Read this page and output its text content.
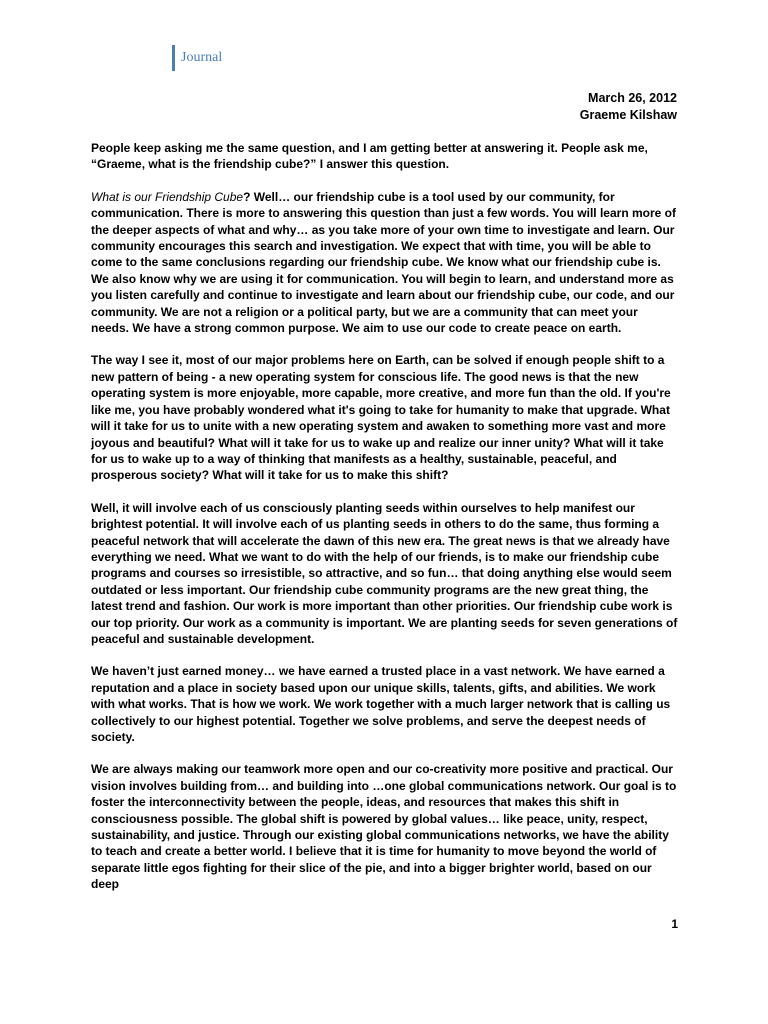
Journal
March 26, 2012
Graeme Kilshaw

People keep asking me the same question, and I am getting better at answering it. People ask me, “Graeme, what is the friendship cube?” I answer this question.

What is our Friendship Cube? Well… our friendship cube is a tool used by our community, for communication. There is more to answering this question than just a few words. You will learn more of the deeper aspects of what and why… as you take more of your own time to investigate and learn. Our community encourages this search and investigation. We expect that with time, you will be able to come to the same conclusions regarding our friendship cube. We know what our friendship cube is. We also know why we are using it for communication. You will begin to learn, and understand more as you listen carefully and continue to investigate and learn about our friendship cube, our code, and our community. We are not a religion or a political party, but we are a community that can meet your needs. We have a strong common purpose. We aim to use our code to create peace on earth.

The way I see it, most of our major problems here on Earth, can be solved if enough people shift to a new pattern of being - a new operating system for conscious life. The good news is that the new operating system is more enjoyable, more capable, more creative, and more fun than the old. If you're like me, you have probably wondered what it's going to take for humanity to make that upgrade. What will it take for us to unite with a new operating system and awaken to something more vast and more joyous and beautiful? What will it take for us to wake up and realize our inner unity? What will it take for us to wake up to a way of thinking that manifests as a healthy, sustainable, peaceful, and prosperous society? What will it take for us to make this shift?

Well, it will involve each of us consciously planting seeds within ourselves to help manifest our brightest potential. It will involve each of us planting seeds in others to do the same, thus forming a peaceful network that will accelerate the dawn of this new era. The great news is that we already have everything we need. What we want to do with the help of our friends, is to make our friendship cube programs and courses so irresistible, so attractive, and so fun… that doing anything else would seem outdated or less important. Our friendship cube community programs are the new great thing, the latest trend and fashion. Our work is more important than other priorities. Our friendship cube work is our top priority. Our work as a community is important. We are planting seeds for seven generations of peaceful and sustainable development.

We haven’t just earned money… we have earned a trusted place in a vast network. We have earned a reputation and a place in society based upon our unique skills, talents, gifts, and abilities. We work with what works. That is how we work. We work together with a much larger network that is calling us collectively to our highest potential. Together we solve problems, and serve the deepest needs of society.

We are always making our teamwork more open and our co-creativity more positive and practical. Our vision involves building from… and building into …one global communications network. Our goal is to foster the interconnectivity between the people, ideas, and resources that makes this shift in consciousness possible. The global shift is powered by global values… like peace, unity, respect, sustainability, and justice. Through our existing global communications networks, we have the ability to teach and create a better world. I believe that it is time for humanity to move beyond the world of separate little egos fighting for their slice of the pie, and into a bigger brighter world, based on our deep

1
